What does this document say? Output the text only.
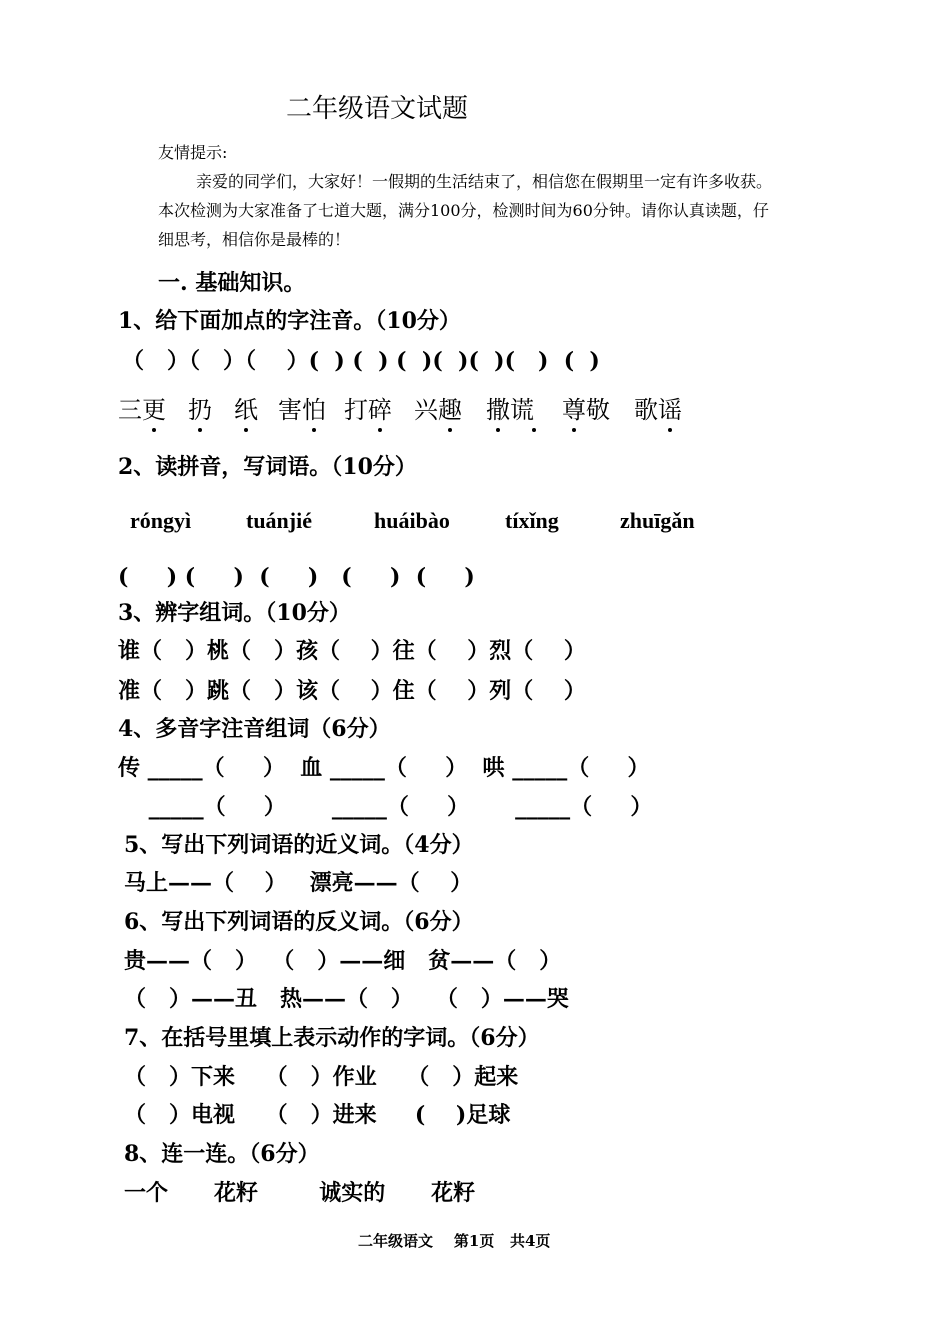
二年级语文试题
友情提示:
亲爱的同学们，大家好！一假期的生活结束了，相信您在假期里一定有许多收获。
本次检测为大家准备了七道大题，满分100分，检测时间为60分钟。请你认真读题，仔
细思考，相信你是最棒的！
一. 基础知识。
1、给下面加点的字注音。（10分）
（   ）（   ）（    ）(  ) (  ) (  )(  )(  )(   )  (  )
三更 扔 纸 害怕 打碎 兴趣 撒谎 尊敬 歌谣
2、读拼音，写词语。（10分）
róngyì tuánjié	huáibào	tíxǐng	zhuīgǎn
(     ) (     )  (     )   (     )  (     )
3、辨字组词。（10分）
谁（   ）桃（   ）孩（    ）往（    ）烈（    ）
准（   ）跳（   ）该（    ）住（    ）列（    ）
4、多音字注音组词（6分）
传 _____（     ）  血 _____（     ）  哄 _____（     ）
_____（     ）      _____（     ）      _____（     ）
5、写出下列词语的近义词。（4分）
马上——（    ）   漂亮——（    ）
6、写出下列词语的反义词。（6分）
贵——（   ）  （   ）——细   贫——（   ）
（   ）——丑   热——（   ）   （   ）——哭
7、在括号里填上表示动作的字词。（6分）
（   ）下来    （   ）作业    （   ）起来
（   ）电视    （   ）进来     (    )足球
8、连一连。（6分）
一个      花籽        诚实的      花籽
二年级语文    第1页   共4页
